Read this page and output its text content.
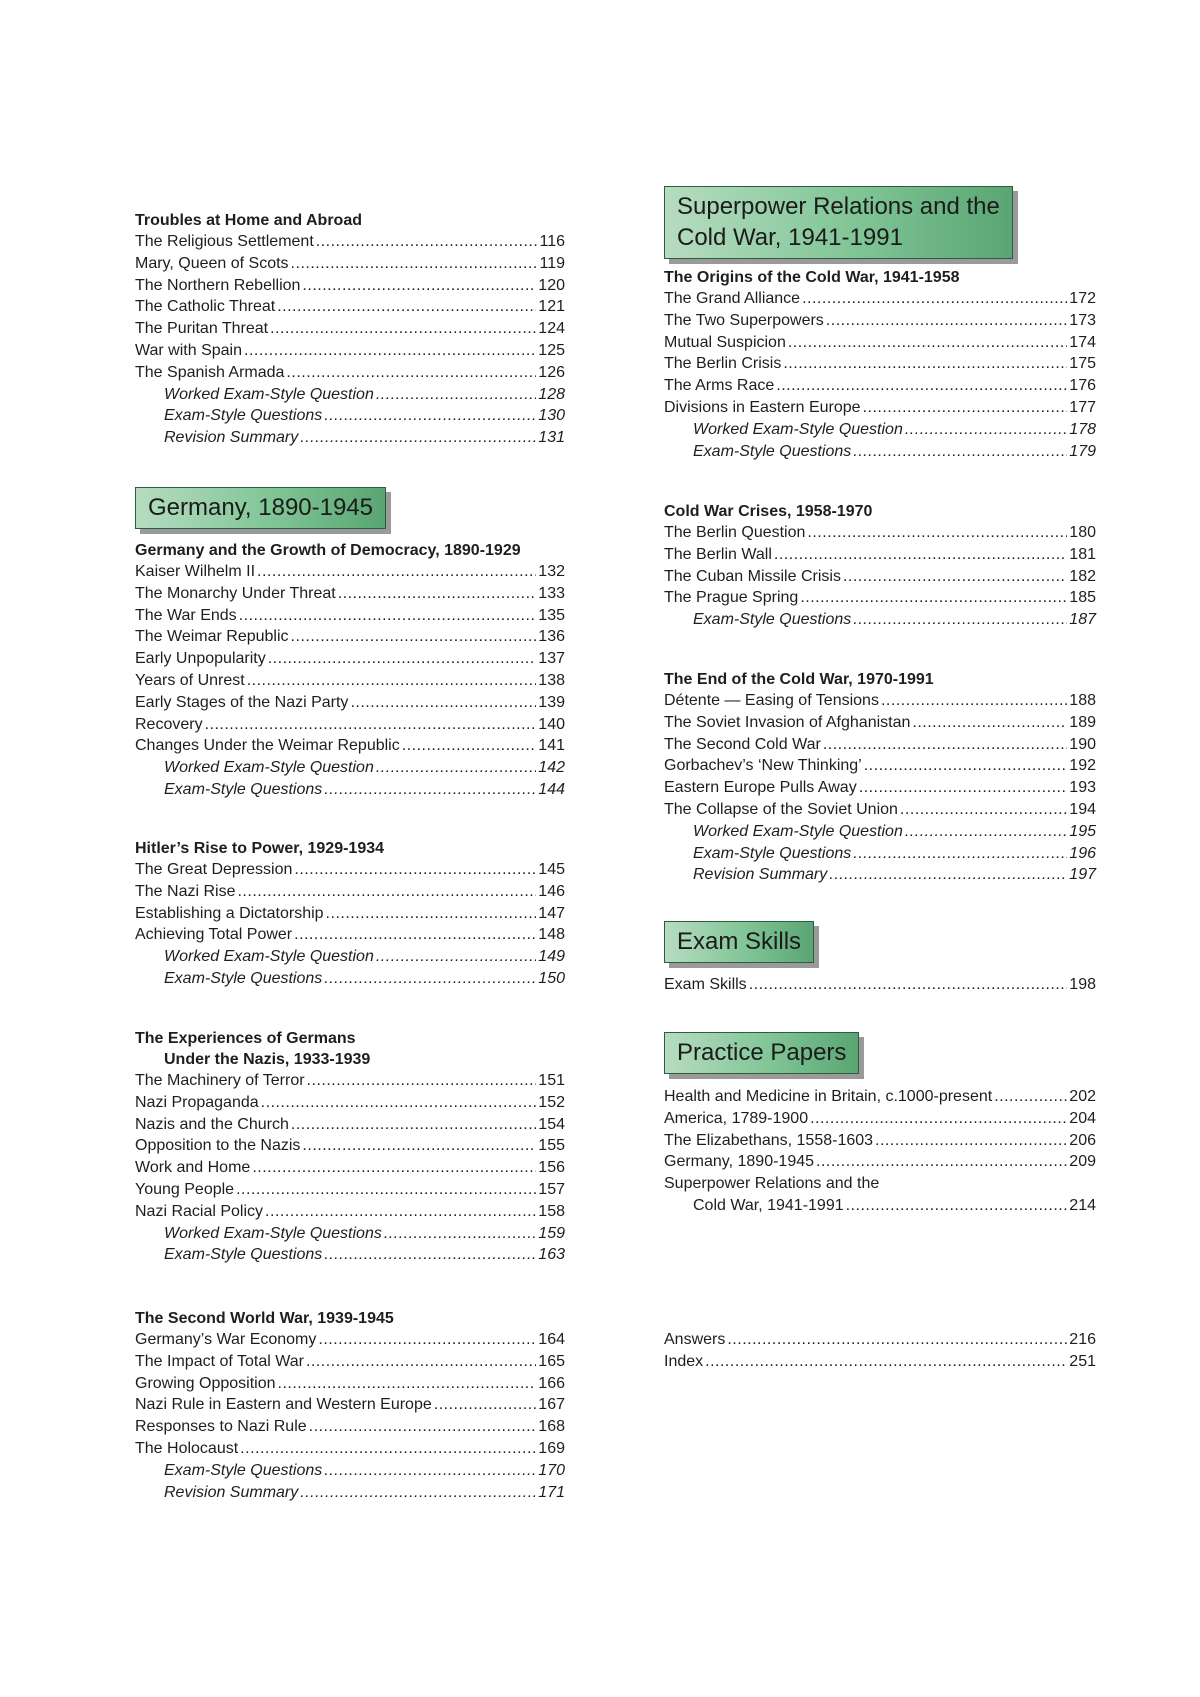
Troubles at Home and Abroad
The Religious Settlement .....	116
Mary, Queen of Scots .....	119
The Northern Rebellion .....	120
The Catholic Threat .....	121
The Puritan Threat .....	124
War with Spain .....	125
The Spanish Armada .....	126
Worked Exam-Style Question .....	128
Exam-Style Questions .....	130
Revision Summary .....	131
Germany, 1890-1945
Germany and the Growth of Democracy, 1890-1929
Kaiser Wilhelm II .....	132
The Monarchy Under Threat .....	133
The War Ends .....	135
The Weimar Republic .....	136
Early Unpopularity .....	137
Years of Unrest .....	138
Early Stages of the Nazi Party .....	139
Recovery .....	140
Changes Under the Weimar Republic .....	141
Worked Exam-Style Question .....	142
Exam-Style Questions .....	144
Hitler’s Rise to Power, 1929-1934
The Great Depression .....	145
The Nazi Rise .....	146
Establishing a Dictatorship .....	147
Achieving Total Power .....	148
Worked Exam-Style Question .....	149
Exam-Style Questions .....	150
The Experiences of Germans
Under the Nazis, 1933-1939
The Machinery of Terror .....	151
Nazi Propaganda .....	152
Nazis and the Church .....	154
Opposition to the Nazis .....	155
Work and Home .....	156
Young People .....	157
Nazi Racial Policy .....	158
Worked Exam-Style Questions .....	159
Exam-Style Questions .....	163
The Second World War, 1939-1945
Germany’s War Economy .....	164
The Impact of Total War .....	165
Growing Opposition .....	166
Nazi Rule in Eastern and Western Europe .....	167
Responses to Nazi Rule .....	168
The Holocaust .....	169
Exam-Style Questions .....	170
Revision Summary .....	171
Superpower Relations and the
Cold War, 1941-1991
The Origins of the Cold War, 1941-1958
The Grand Alliance .....	172
The Two Superpowers .....	173
Mutual Suspicion .....	174
The Berlin Crisis .....	175
The Arms Race .....	176
Divisions in Eastern Europe .....	177
Worked Exam-Style Question .....	178
Exam-Style Questions .....	179
Cold War Crises, 1958-1970
The Berlin Question .....	180
The Berlin Wall .....	181
The Cuban Missile Crisis .....	182
The Prague Spring .....	185
Exam-Style Questions .....	187
The End of the Cold War, 1970-1991
Détente — Easing of Tensions .....	188
The Soviet Invasion of Afghanistan .....	189
The Second Cold War .....	190
Gorbachev’s ‘New Thinking’ .....	192
Eastern Europe Pulls Away .....	193
The Collapse of the Soviet Union .....	194
Worked Exam-Style Question .....	195
Exam-Style Questions .....	196
Revision Summary .....	197
Exam Skills
Exam Skills .....	198
Practice Papers
Health and Medicine in Britain, c.1000-present .....	202
America, 1789-1900 .....	204
The Elizabethans, 1558-1603 .....	206
Germany, 1890-1945 .....	209
Superpower Relations and the
Cold War, 1941-1991 .....	214
Answers .....	216
Index .....	251
